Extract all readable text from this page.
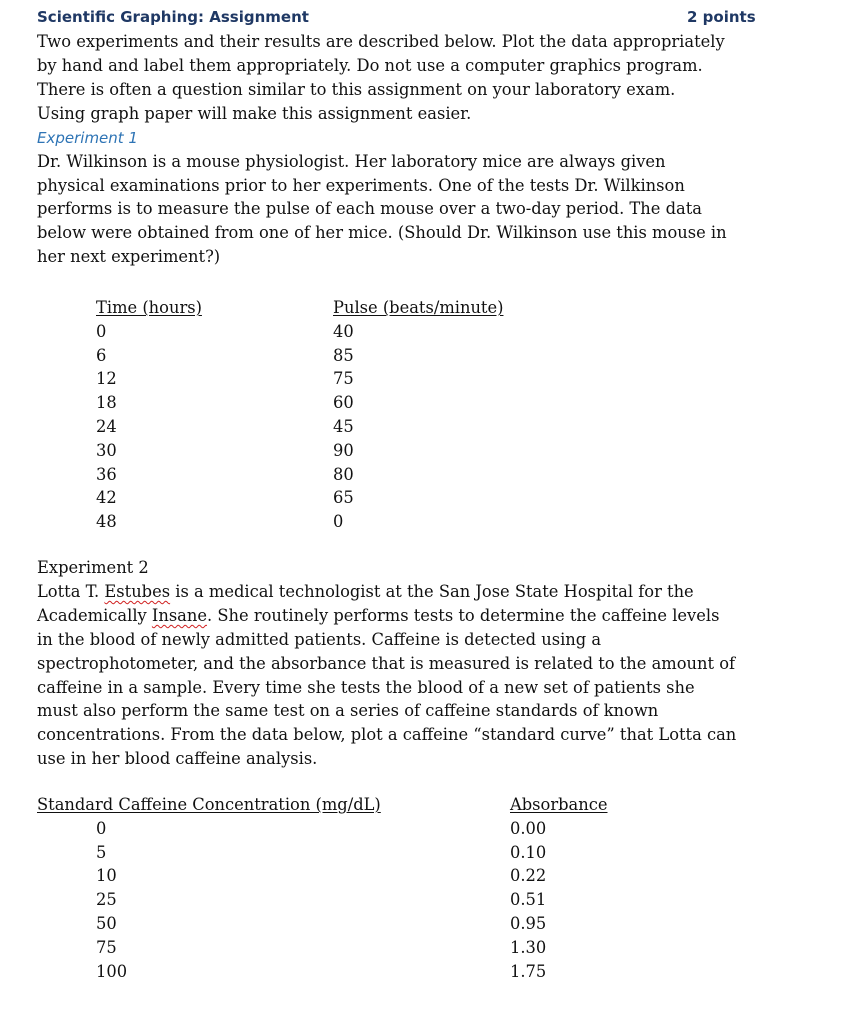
Scientific Graphing: Assignment	2 points

Two experiments and their results are described below. Plot the data appropriately
by hand and label them appropriately. Do not use a computer graphics program.
There is often a question similar to this assignment on your laboratory exam.
Using graph paper will make this assignment easier.

Experiment 1

Dr. Wilkinson is a mouse physiologist. Her laboratory mice are always given
physical examinations prior to her experiments. One of the tests Dr. Wilkinson
performs is to measure the pulse of each mouse over a two-day period. The data
below were obtained from one of her mice. (Should Dr. Wilkinson use this mouse in
her next experiment?)

Time (hours)
0
6
12
18
24
30
36
42
48
Pulse (beats/minute)
40
85
75
60
45
90
80
65
0

Experiment 2

Lotta T. Estubes is a medical technologist at the San Jose State Hospital for the

Academically Insane. She routinely performs tests to determine the caffeine levels

in the blood of newly admitted patients. Caffeine is detected using a
spectrophotometer, and the absorbance that is measured is related to the amount of
caffeine in a sample. Every time she tests the blood of a new set of patients she
must also perform the same test on a series of caffeine standards of known
concentrations. From the data below, plot a caffeine “standard curve” that Lotta can
use in her blood caffeine analysis.

Standard Caffeine Concentration (mg/dL)
0
5
10
25
50
75
100
Absorbance
0.00
0.10
0.22
0.51
0.95
1.30
1.75
